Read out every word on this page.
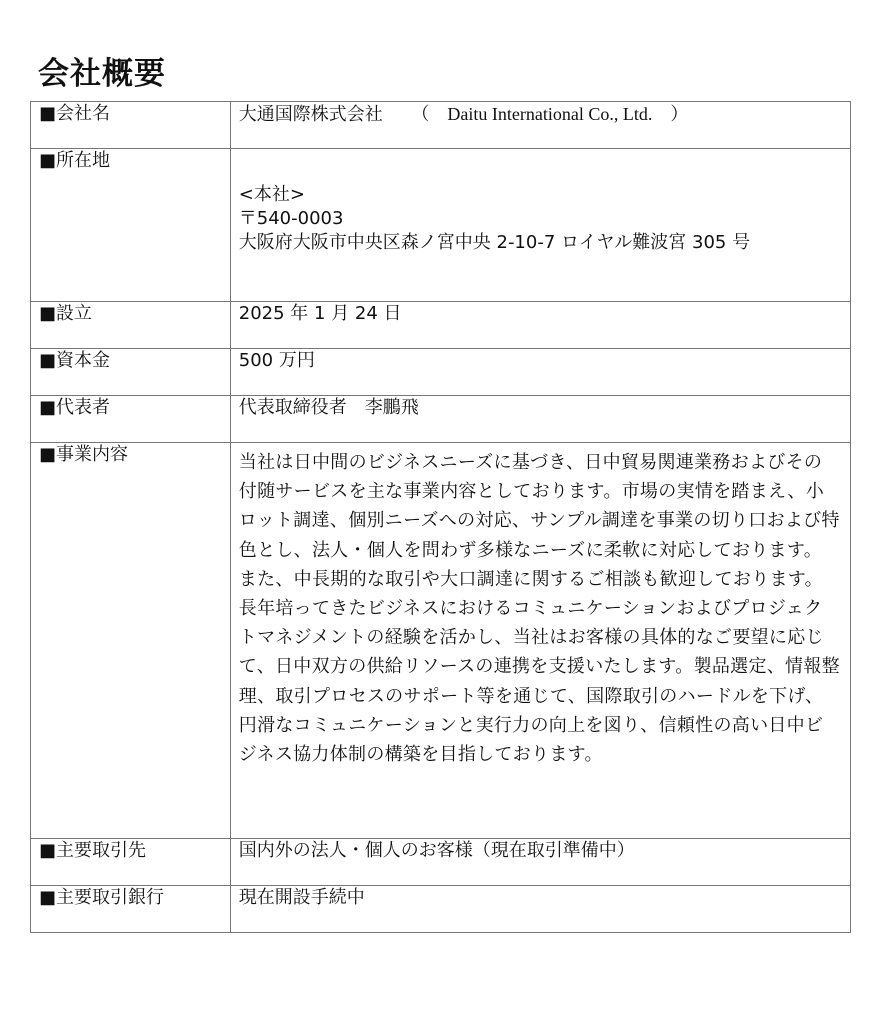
会社概要
■会社名	大通国際株式会社 （　Daitu International Co., Ltd.　）
■所在地	<本社>
〒540-0003
大阪府大阪市中央区森ノ宮中央 2-10-7 ロイヤル難波宮 305 号

■設立	2025 年 1 月 24 日
■資本金	500 万円
■代表者	代表取締役者　李鵬飛
■事業内容	当社は日中間のビジネスニーズに基づき、日中貿易関連業務およびその付随サービスを主な事業内容としております。市場の実情を踏まえ、小ロット調達、個別ニーズへの対応、サンプル調達を事業の切り口および特色とし、法人・個人を問わず多様なニーズに柔軟に対応しております。また、中長期的な取引や大口調達に関するご相談も歓迎しております。
長年培ってきたビジネスにおけるコミュニケーションおよびプロジェクトマネジメントの経験を活かし、当社はお客様の具体的なご要望に応じて、日中双方の供給リソースの連携を支援いたします。製品選定、情報整理、取引プロセスのサポート等を通じて、国際取引のハードルを下げ、円滑なコミュニケーションと実行力の向上を図り、信頼性の高い日中ビジネス協力体制の構築を目指しております。

■主要取引先	国内外の法人・個人のお客様（現在取引準備中）
■主要取引銀行	現在開設手続中
